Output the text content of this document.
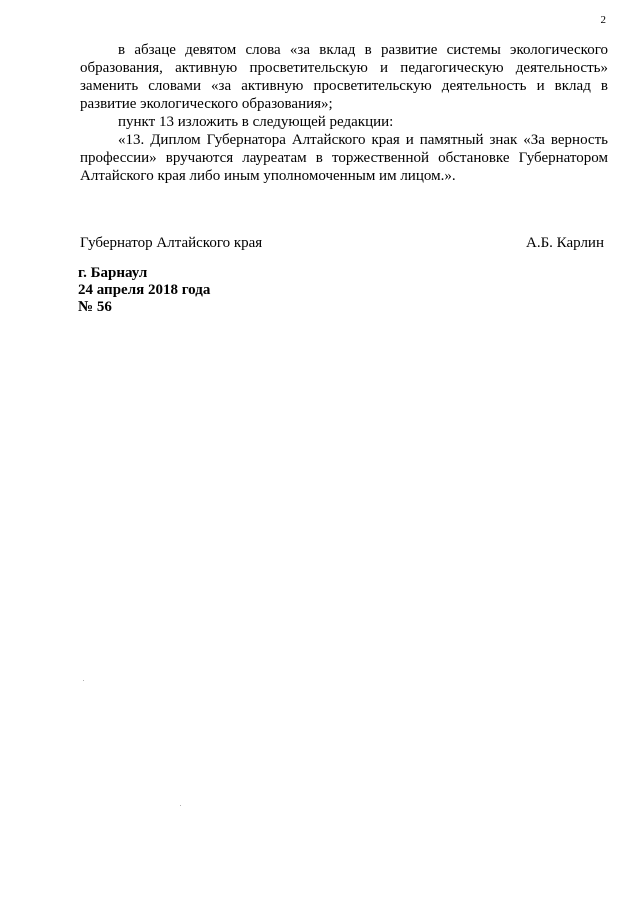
2

в абзаце девятом слова «за вклад в развитие системы экологического образования, активную просветительскую и педагогическую деятельность» заменить словами «за активную просветительскую деятельность и вклад в развитие экологического образования»;

пункт 13 изложить в следующей редакции:

«13. Диплом Губернатора Алтайского края и памятный знак «За верность профессии» вручаются лауреатам в торжественной обстановке Губернатором Алтайского края либо иным уполномоченным им лицом.».

Губернатор Алтайского края	А.Б. Карлин
г. Барнаул
24 апреля 2018 года
№ 56
